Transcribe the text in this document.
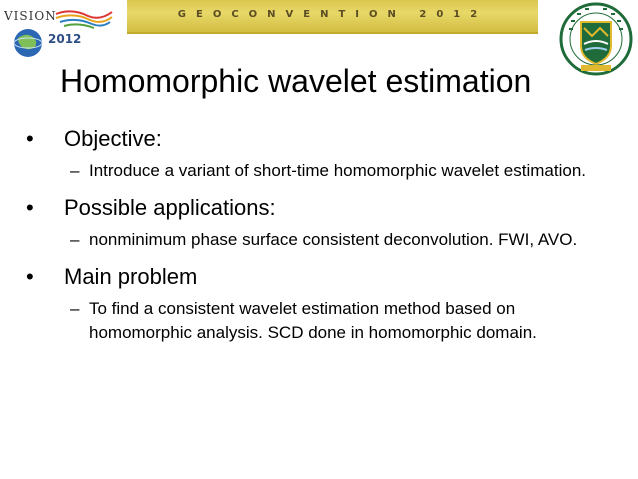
VISION
2012
GEOCONVENTION 2012
Homomorphic wavelet estimation
• Objective:
– Introduce a variant of short-time homomorphic wavelet estimation.
• Possible applications:
– nonminimum phase surface consistent deconvolution. FWI, AVO.
• Main problem
– To find a consistent wavelet estimation method based on homomorphic analysis. SCD done in homomorphic domain.
